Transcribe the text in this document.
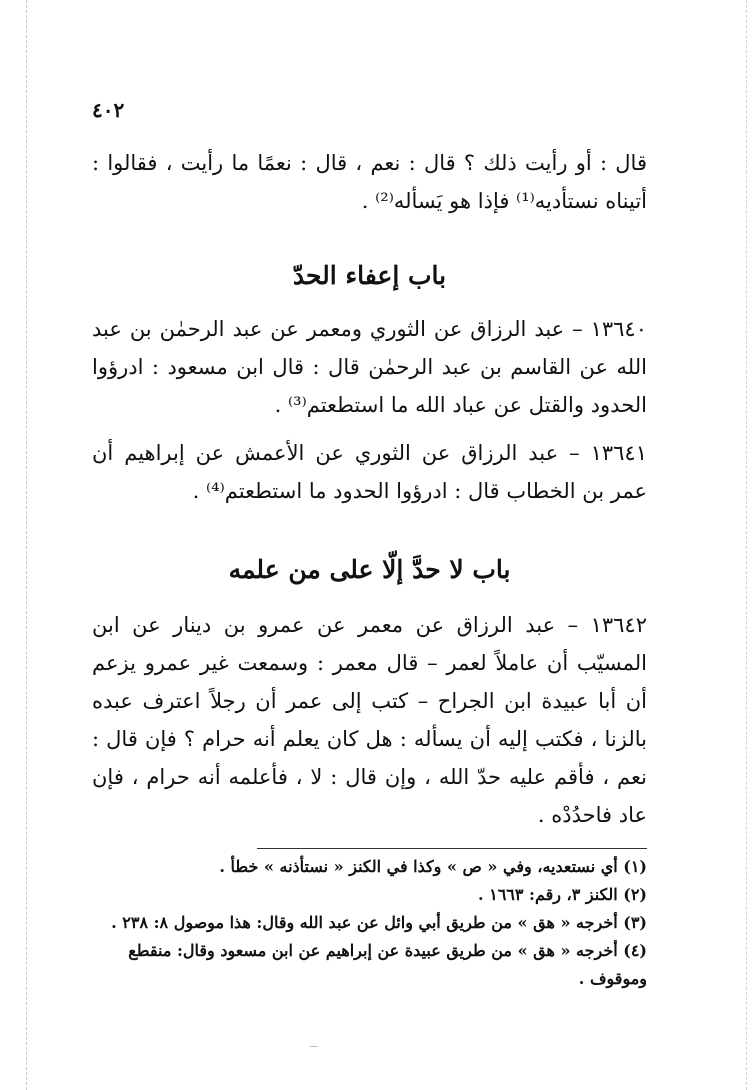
٤٠٢

قال : أو رأيت ذلك ؟ قال : نعم ، قال : نعمًا ما رأيت ، فقالوا : أتيناه نستأديه⁽¹⁾ فإذا هو يَسأله⁽²⁾ .

باب إعفاء الحدّ

١٣٦٤٠ – عبد الرزاق عن الثوري ومعمر عن عبد الرحمٰن بن عبد الله عن القاسم بن عبد الرحمٰن قال : قال ابن مسعود : ادرؤوا الحدود والقتل عن عباد الله ما استطعتم⁽³⁾ .

١٣٦٤١ – عبد الرزاق عن الثوري عن الأعمش عن إبراهيم أن عمر بن الخطاب قال : ادرؤوا الحدود ما استطعتم⁽⁴⁾ .

باب لا حدَّ إلّا على من علمه

١٣٦٤٢ – عبد الرزاق عن معمر عن عمرو بن دينار عن ابن المسيّب أن عاملاً لعمر – قال معمر : وسمعت غير عمرو يزعم أن أبا عبيدة ابن الجراح – كتب إلى عمر أن رجلاً اعترف عبده بالزنا ، فكتب إليه أن يسأله : هل كان يعلم أنه حرام ؟ فإن قال : نعم ، فأقم عليه حدّ الله ، وإن قال : لا ، فأعلمه أنه حرام ، فإن عاد فاحدُدْه .

(١) أي نستعديه، وفي « ص » وكذا في الكنز « نستأذنه » خطأ .

(٢) الكنز ٣، رقم: ١٦٦٣ .

(٣) أخرجه « هق » من طريق أبي وائل عن عبد الله وقال: هذا موصول ٨: ٢٣٨ .

(٤) أخرجه « هق » من طريق عبيدة عن إبراهيم عن ابن مسعود وقال: منقطع وموقوف .
